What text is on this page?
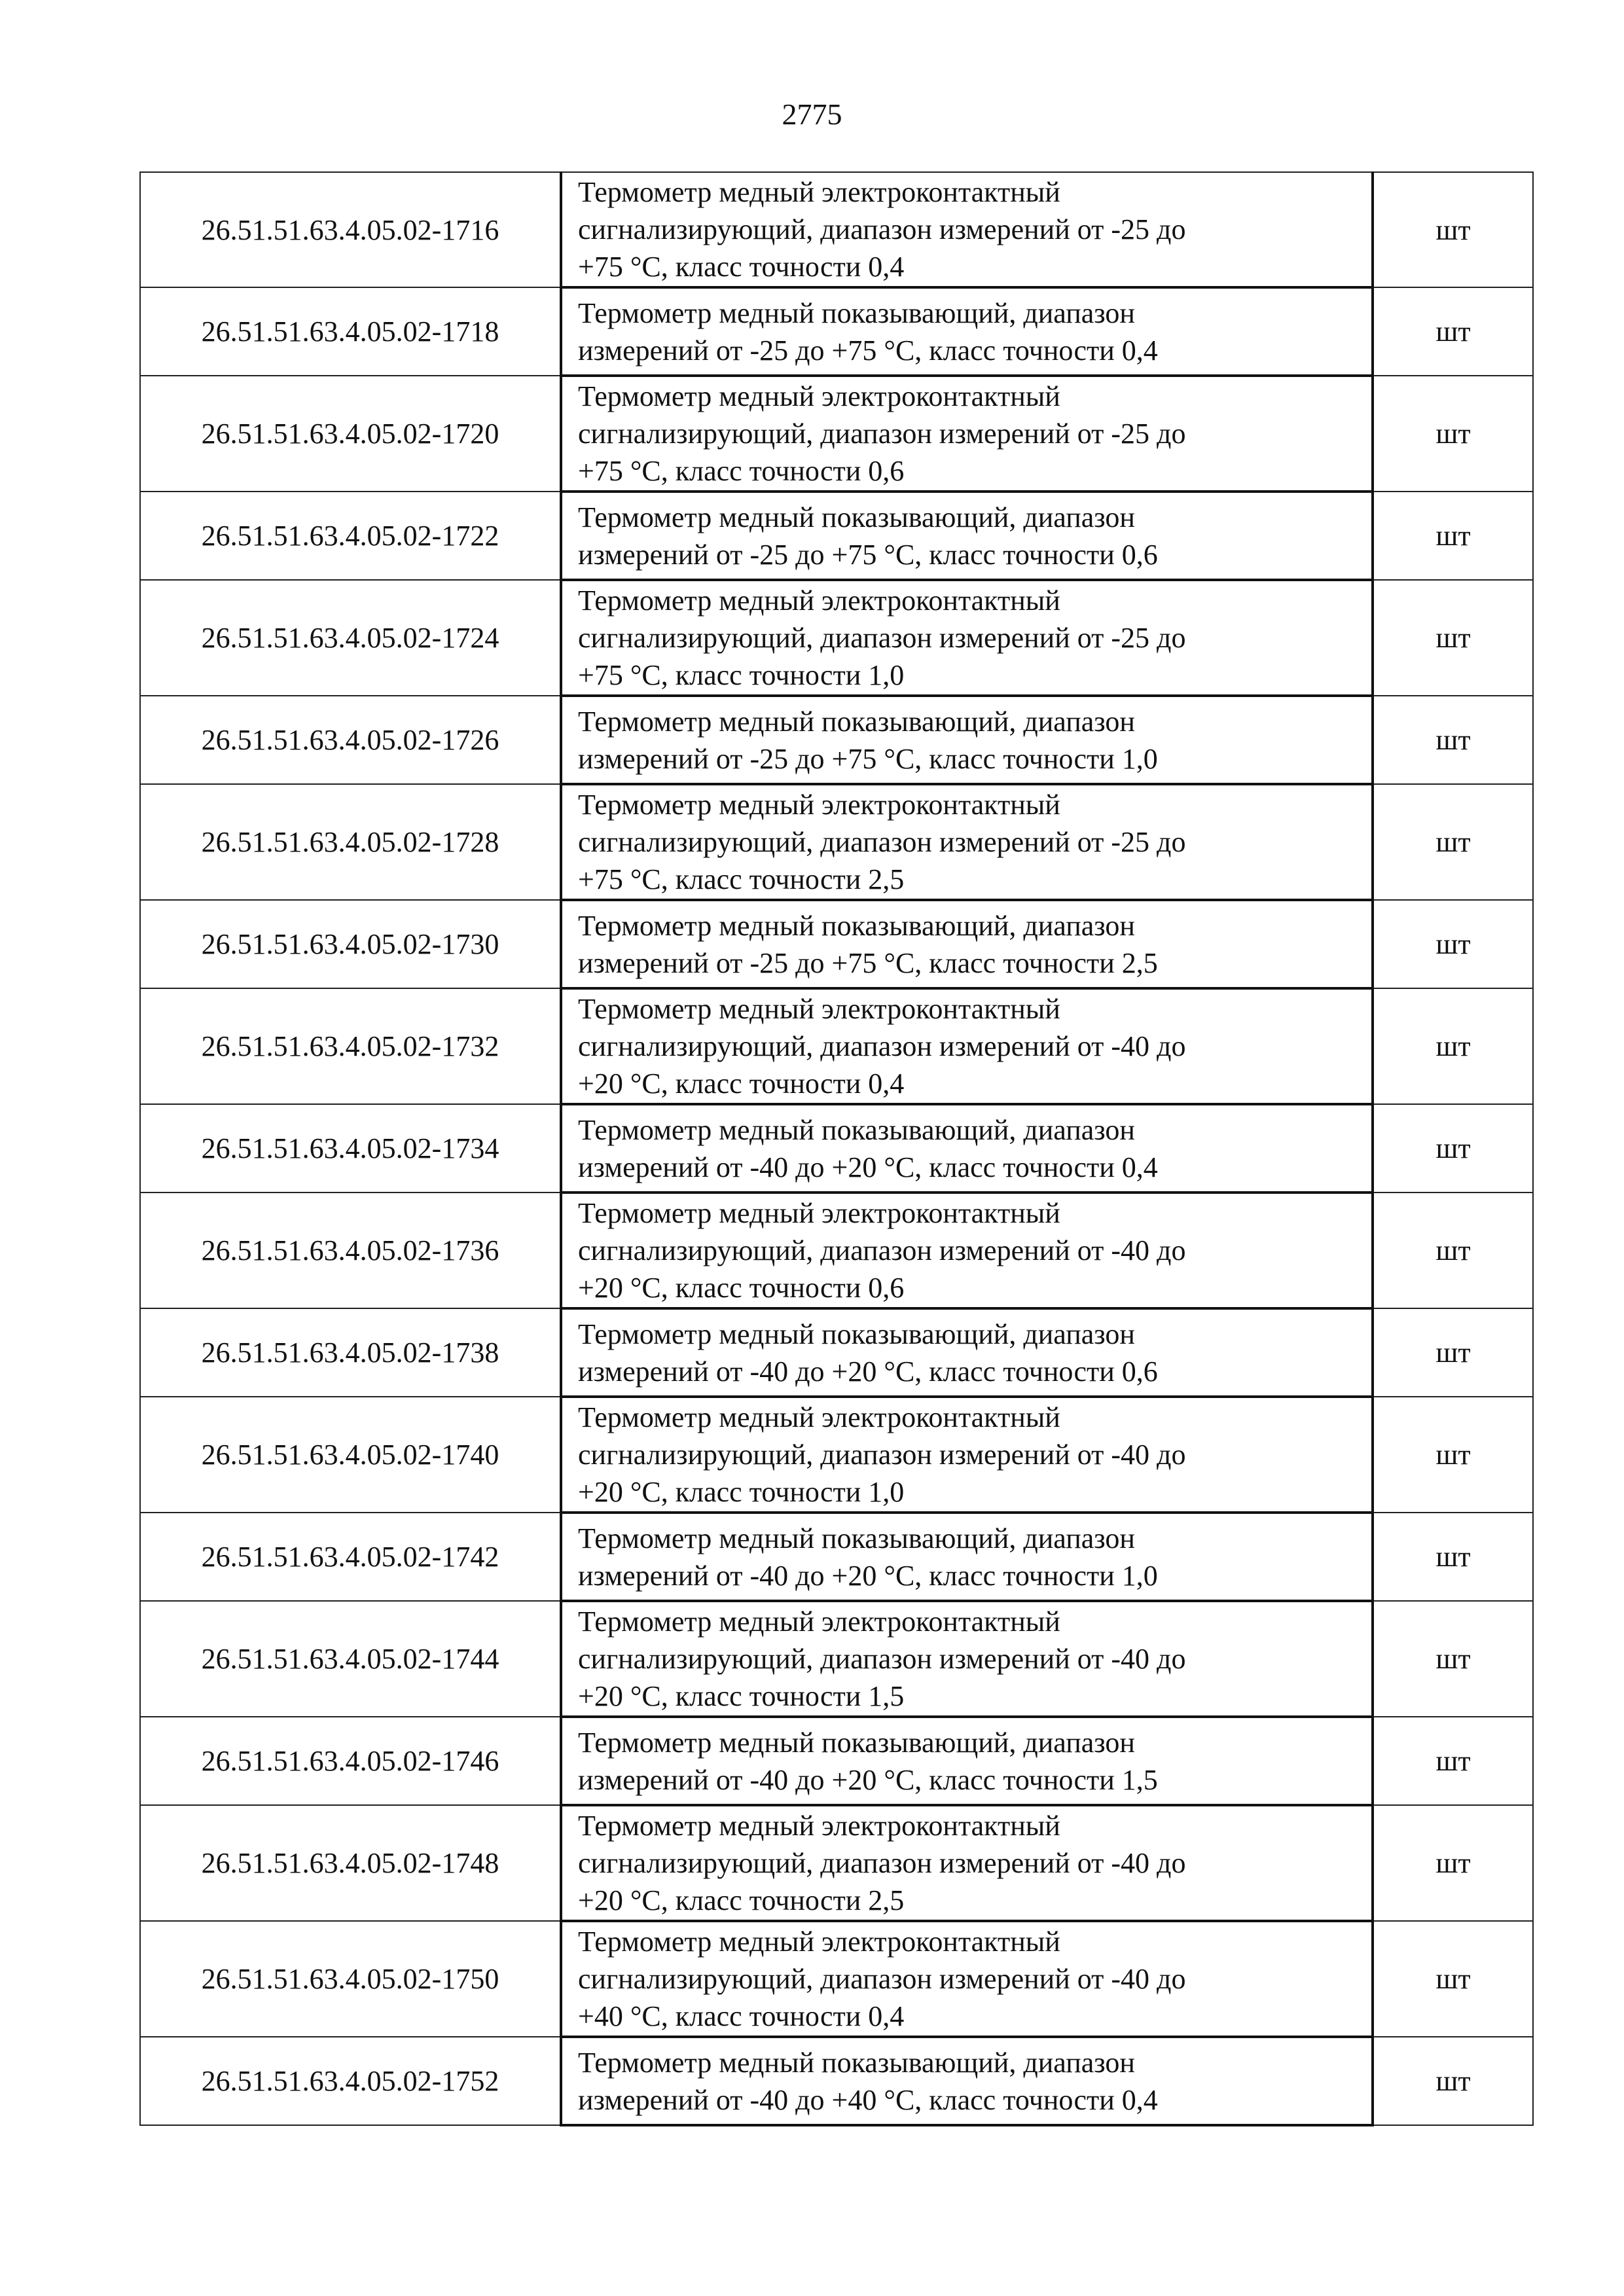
2775
26.51.51.63.4.05.02-1716	Термометр медный электроконтактный
сигнализирующий, диапазон измерений от -25 до
+75 °С, класс точности 0,4	шт
26.51.51.63.4.05.02-1718	Термометр медный показывающий, диапазон
измерений от -25 до +75 °С, класс точности 0,4	шт
26.51.51.63.4.05.02-1720	Термометр медный электроконтактный
сигнализирующий, диапазон измерений от -25 до
+75 °С, класс точности 0,6	шт
26.51.51.63.4.05.02-1722	Термометр медный показывающий, диапазон
измерений от -25 до +75 °С, класс точности 0,6	шт
26.51.51.63.4.05.02-1724	Термометр медный электроконтактный
сигнализирующий, диапазон измерений от -25 до
+75 °С, класс точности 1,0	шт
26.51.51.63.4.05.02-1726	Термометр медный показывающий, диапазон
измерений от -25 до +75 °С, класс точности 1,0	шт
26.51.51.63.4.05.02-1728	Термометр медный электроконтактный
сигнализирующий, диапазон измерений от -25 до
+75 °С, класс точности 2,5	шт
26.51.51.63.4.05.02-1730	Термометр медный показывающий, диапазон
измерений от -25 до +75 °С, класс точности 2,5	шт
26.51.51.63.4.05.02-1732	Термометр медный электроконтактный
сигнализирующий, диапазон измерений от -40 до
+20 °С, класс точности 0,4	шт
26.51.51.63.4.05.02-1734	Термометр медный показывающий, диапазон
измерений от -40 до +20 °С, класс точности 0,4	шт
26.51.51.63.4.05.02-1736	Термометр медный электроконтактный
сигнализирующий, диапазон измерений от -40 до
+20 °С, класс точности 0,6	шт
26.51.51.63.4.05.02-1738	Термометр медный показывающий, диапазон
измерений от -40 до +20 °С, класс точности 0,6	шт
26.51.51.63.4.05.02-1740	Термометр медный электроконтактный
сигнализирующий, диапазон измерений от -40 до
+20 °С, класс точности 1,0	шт
26.51.51.63.4.05.02-1742	Термометр медный показывающий, диапазон
измерений от -40 до +20 °С, класс точности 1,0	шт
26.51.51.63.4.05.02-1744	Термометр медный электроконтактный
сигнализирующий, диапазон измерений от -40 до
+20 °С, класс точности 1,5	шт
26.51.51.63.4.05.02-1746	Термометр медный показывающий, диапазон
измерений от -40 до +20 °С, класс точности 1,5	шт
26.51.51.63.4.05.02-1748	Термометр медный электроконтактный
сигнализирующий, диапазон измерений от -40 до
+20 °С, класс точности 2,5	шт
26.51.51.63.4.05.02-1750	Термометр медный электроконтактный
сигнализирующий, диапазон измерений от -40 до
+40 °С, класс точности 0,4	шт
26.51.51.63.4.05.02-1752	Термометр медный показывающий, диапазон
измерений от -40 до +40 °С, класс точности 0,4	шт
